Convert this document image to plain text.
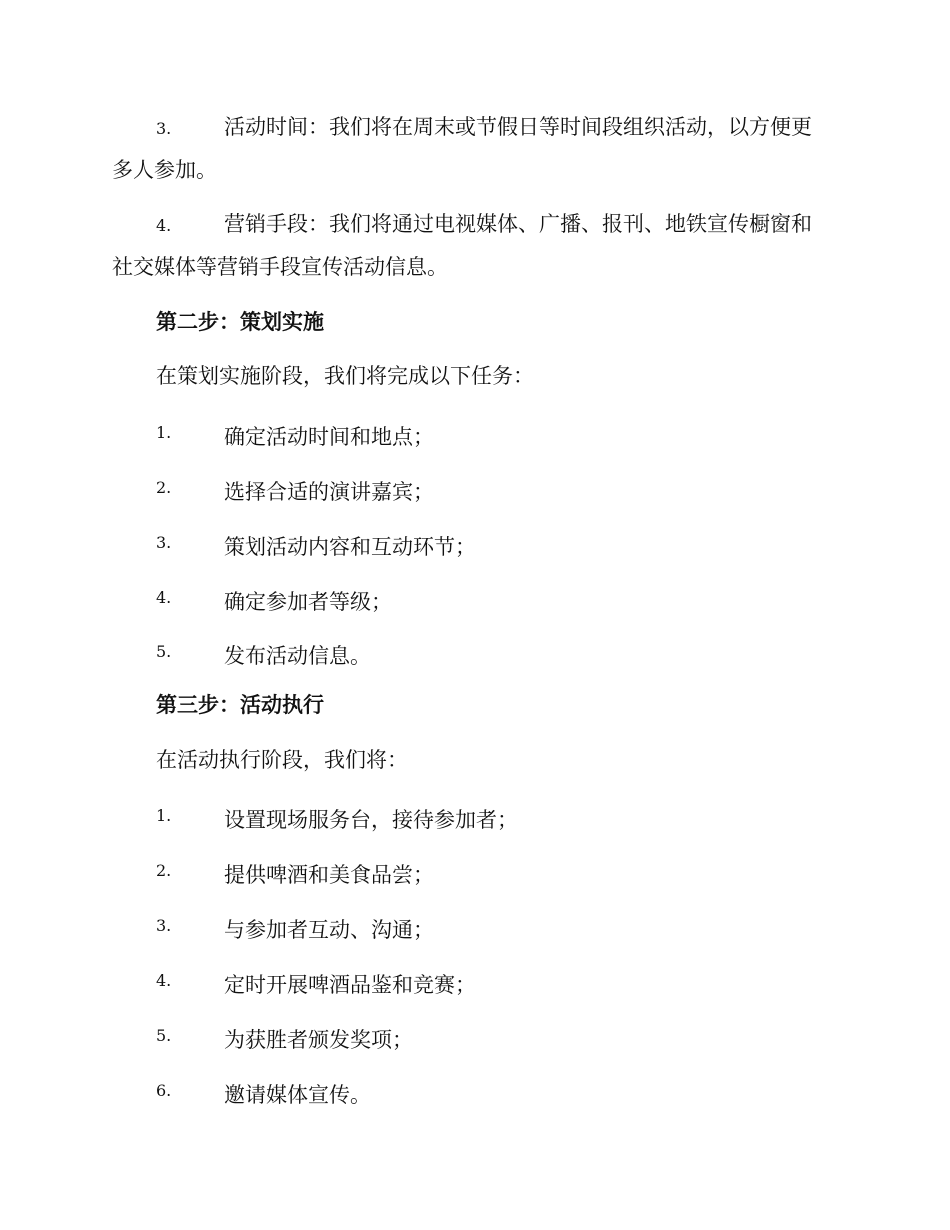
3.	活动时间：我们将在周末或节假日等时间段组织活动，以方便更
多人参加。
4.	营销手段：我们将通过电视媒体、广播、报刊、地铁宣传橱窗和
社交媒体等营销手段宣传活动信息。
第二步：策划实施
在策划实施阶段，我们将完成以下任务：
1.	确定活动时间和地点；
2.	选择合适的演讲嘉宾；
3.	策划活动内容和互动环节；
4.	确定参加者等级；
5.	发布活动信息。
第三步：活动执行
在活动执行阶段，我们将：
1.	设置现场服务台，接待参加者；
2.	提供啤酒和美食品尝；
3.	与参加者互动、沟通；
4.	定时开展啤酒品鉴和竞赛；
5.	为获胜者颁发奖项；
6.	邀请媒体宣传。
